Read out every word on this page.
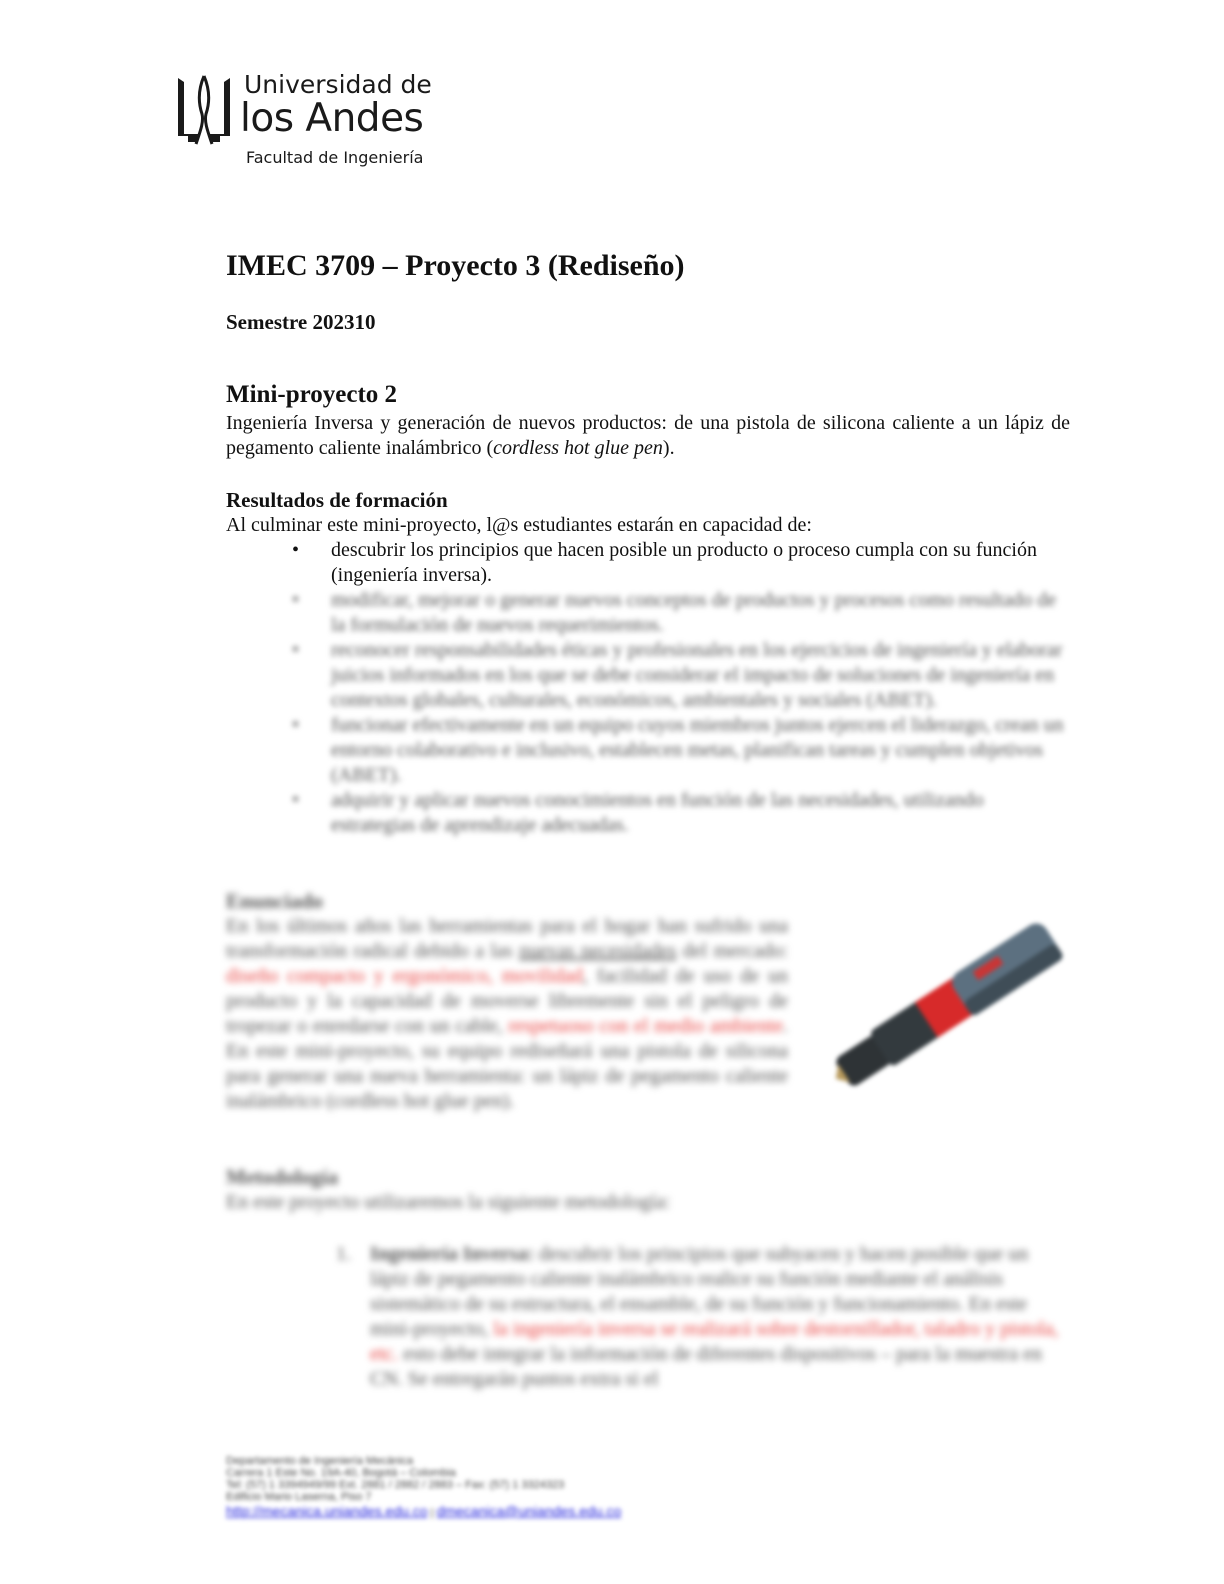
Universidad de
los Andes
Facultad de Ingeniería
IMEC 3709 – Proyecto 3 (Rediseño)
Semestre 202310
Mini-proyecto 2

Ingeniería Inversa y generación de nuevos productos: de una pistola de silicona caliente a un lápiz de pegamento caliente inalámbrico (cordless hot glue pen).

Resultados de formación

Al culminar este mini-proyecto, l@s estudiantes estarán en capacidad de:

• descubrir los principios que hacen posible un producto o proceso cumpla con su función (ingeniería inversa).
• modificar, mejorar o generar nuevos conceptos de productos y procesos como resultado de la formulación de nuevos requerimientos.
• reconocer responsabilidades éticas y profesionales en los ejercicios de ingeniería y elaborar juicios informados en los que se debe considerar el impacto de soluciones de ingeniería en contextos globales, culturales, económicos, ambientales y sociales (ABET).
• funcionar efectivamente en un equipo cuyos miembros juntos ejercen el liderazgo, crean un entorno colaborativo e inclusivo, establecen metas, planifican tareas y cumplen objetivos (ABET).
• adquirir y aplicar nuevos conocimientos en función de las necesidades, utilizando estrategias de aprendizaje adecuadas.
Enunciado

En los últimos años las herramientas para el hogar han sufrido una transformación radical debido a las nuevas necesidades del mercado: diseño compacto y ergonómico, movilidad, facilidad de uso de un producto y la capacidad de moverse libremente sin el peligro de tropezar o enredarse con un cable, respetuoso con el medio ambiente. En este mini-proyecto, su equipo rediseñará una pistola de silicona para generar una nueva herramienta: un lápiz de pegamento caliente inalámbrico (cordless hot glue pen).

Metodología

En este proyecto utilizaremos la siguiente metodología:

1. Ingeniería Inversa: descubrir los principios que subyacen y hacen posible que un lápiz de pegamento caliente inalámbrico realice su función mediante el análisis sistemático de su estructura, el ensamble, de su función y funcionamiento. En este mini-proyecto, la ingeniería inversa se realizará sobre destornillador, taladro y pistola, etc. esto debe integrar la información de diferentes dispositivos – para la muestra en CN. Se entregarán puntos extra si el

Departamento de Ingeniería Mecánica

Carrera 1 Este No. 19A-40, Bogotá – Colombia

Tel: (57) 1 3394949/99 Ext. 2881 / 2882 / 2883 – Fax: (57) 1 3324323

Edificio Mario Laserna, Piso 7

http://mecanica.uniandes.edu.co | dmecanica@uniandes.edu.co
